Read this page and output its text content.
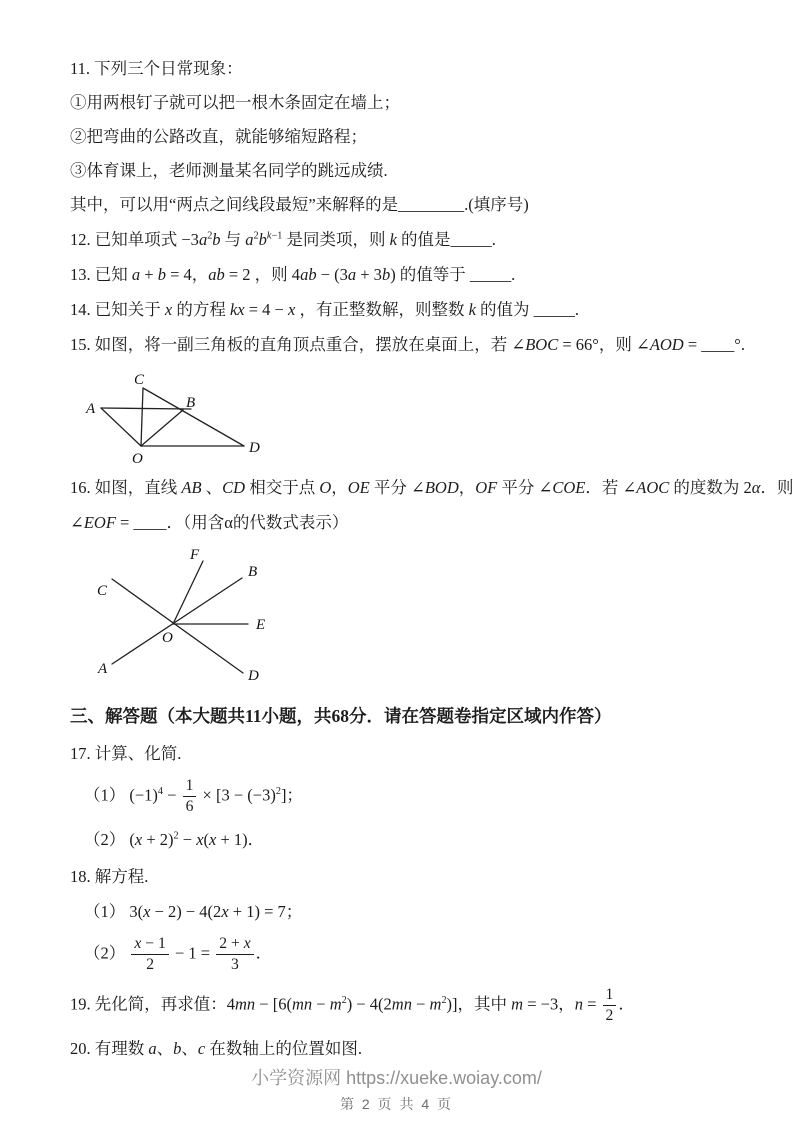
11. 下列三个日常现象：

①用两根钉子就可以把一根木条固定在墙上；

②把弯曲的公路改直，就能够缩短路程；

③体育课上，老师测量某名同学的跳远成绩.

其中，可以用“两点之间线段最短”来解释的是________.(填序号)

12. 已知单项式 $-3a^2b$ 与 $a^2b^{k-1}$ 是同类项，则 k 的值是_____.

13. 已知 a + b = 4，ab = 2 ，则 4ab − (3a + 3b) 的值等于 _____.

14. 已知关于 x 的方程 kx = 4 − x ，有正整数解，则整数 k 的值为 _____.

15. 如图，将一副三角板的直角顶点重合，摆放在桌面上，若 ∠BOC = 66°，则 ∠AOD = ____°.

C
A	B
O
D

16. 如图，直线 AB 、CD 相交于点 O，OE 平分 ∠BOD，OF 平分 ∠COE．若 ∠AOC 的度数为 2α．则

∠EOF = ____．（用含α的代数式表示）

F
B
C
E
O
A	D

三、解答题（本大题共11小题，共68分．请在答题卷指定区域内作答）

17. 计算、化简.

（1） $(-1)^4 - \frac{1}{6} \times [3 - (-3)^2]$；

（2） $(x + 2)^2 - x(x + 1)$．

18. 解方程.

（1） 3(x − 2) − 4(2x + 1) = 7；

$(2) \frac{x - 1}{2} - 1 = \frac{2 + x}{3}$ ．

19. 先化简，再求值：$4mn - [6(mn - m^2) - 4(2mn - m^2)]$，其中 m = −3，$n = \frac{1}{2}$ ．

20. 有理数 a、b、c 在数轴上的位置如图.

小学资源网 https://xueke.woiay.com/
第 2 页 共 4 页
